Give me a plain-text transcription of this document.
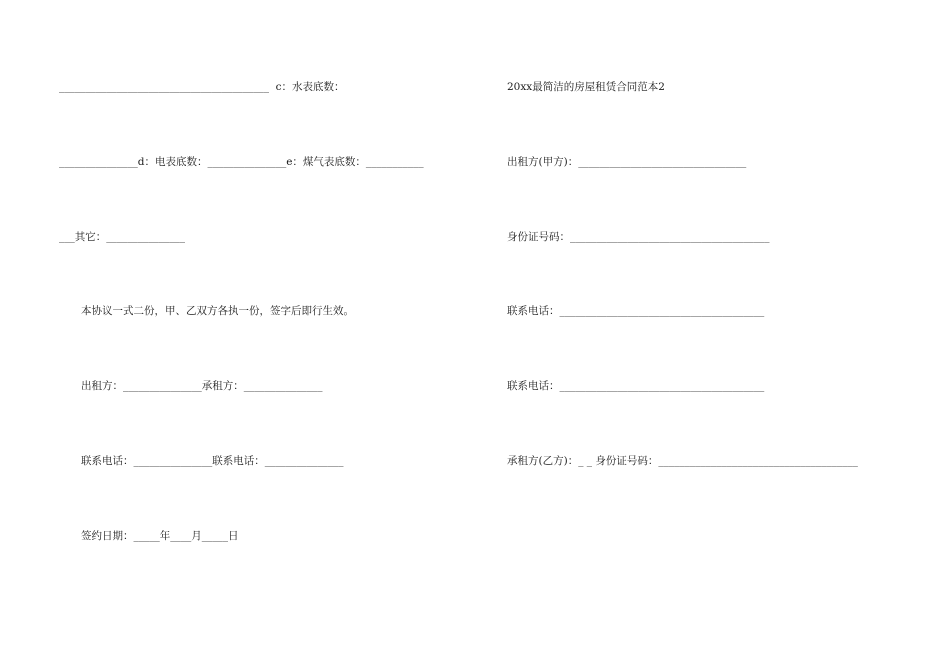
________________________________________  c：水表底数：
_______________d：电表底数：_______________e：煤气表底数：___________
___其它：_______________
本协议一式二份，甲、乙双方各执一份，签字后即行生效。
出租方：_______________承租方：_______________
联系电话：_______________联系电话：_______________
签约日期：_____年____月_____日
20xx最简洁的房屋租赁合同范本2
出租方(甲方)：________________________________
身份证号码：______________________________________
联系电话：_______________________________________
联系电话：_______________________________________
承租方(乙方)：_ _ 身份证号码：______________________________________
